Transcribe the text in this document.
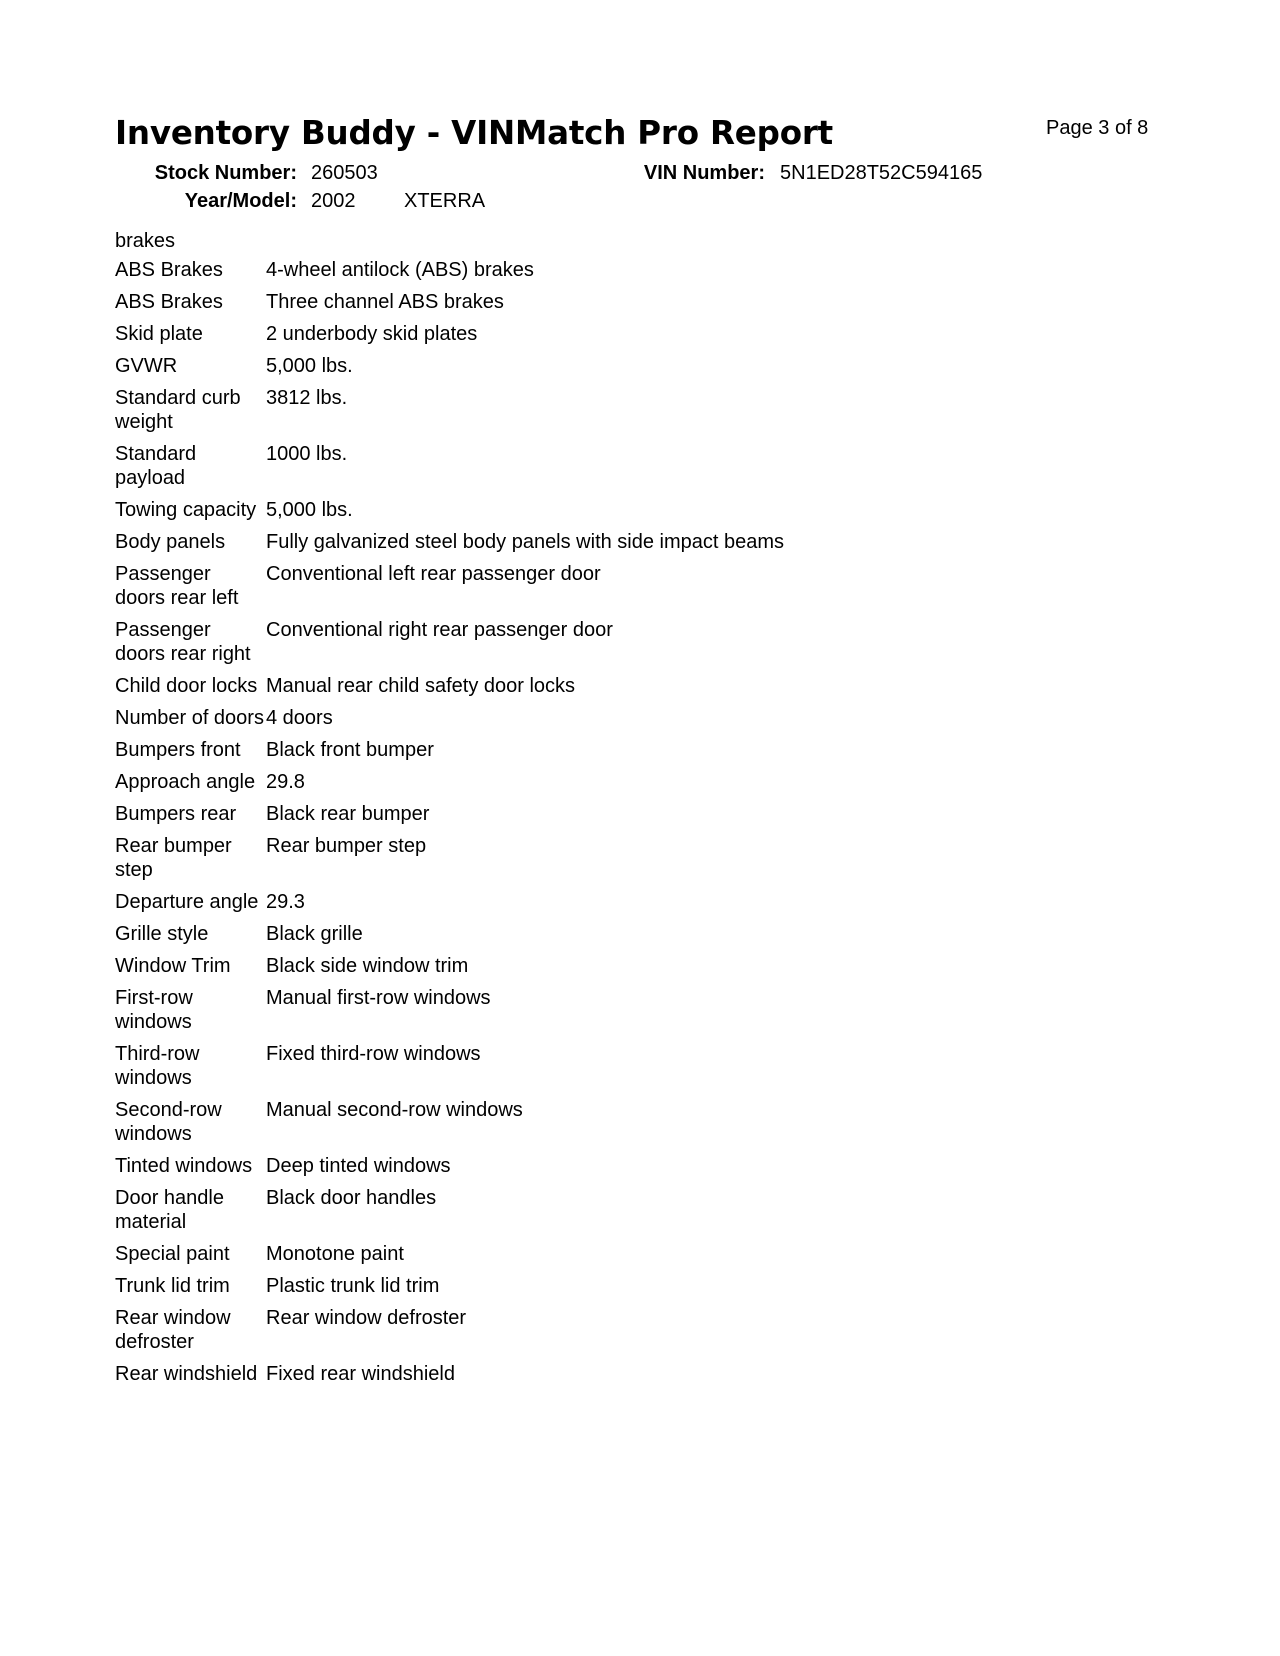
Inventory Buddy - VINMatch Pro Report	Page 3 of 8
Stock Number: 260503	VIN Number: 5N1ED28T52C594165
Year/Model: 2002 XTERRA
brakes
ABS Brakes	4-wheel antilock (ABS) brakes
ABS Brakes	Three channel ABS brakes
Skid plate	2 underbody skid plates
GVWR	5,000 lbs.
Standard curb weight	3812 lbs.
Standard payload	1000 lbs.
Towing capacity	5,000 lbs.
Body panels	Fully galvanized steel body panels with side impact beams
Passenger doors rear left	Conventional left rear passenger door
Passenger doors rear right	Conventional right rear passenger door
Child door locks	Manual rear child safety door locks
Number of doors	4 doors
Bumpers front	Black front bumper
Approach angle	29.8
Bumpers rear	Black rear bumper
Rear bumper step	Rear bumper step
Departure angle	29.3
Grille style	Black grille
Window Trim	Black side window trim
First-row windows	Manual first-row windows
Third-row windows	Fixed third-row windows
Second-row windows	Manual second-row windows
Tinted windows	Deep tinted windows
Door handle material	Black door handles
Special paint	Monotone paint
Trunk lid trim	Plastic trunk lid trim
Rear window defroster	Rear window defroster
Rear windshield	Fixed rear windshield
